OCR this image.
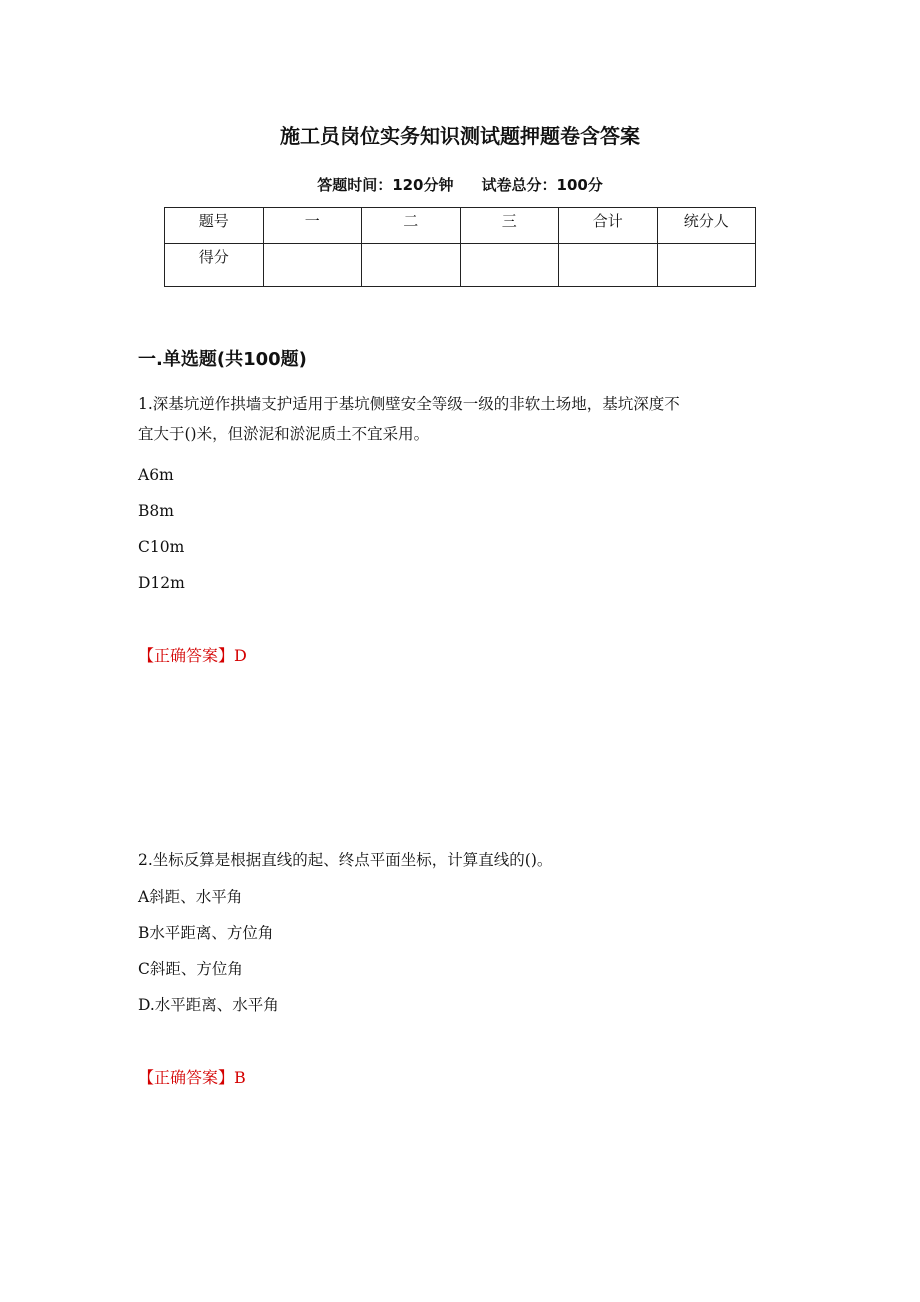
施工员岗位实务知识测试题押题卷含答案
答题时间：120分钟 试卷总分：100分
题号	一	二	三	合计	统分人
得分					
一.单选题(共100题)
1.深基坑逆作拱墙支护适用于基坑侧壁安全等级一级的非软土场地，基坑深度不
宜大于()米，但淤泥和淤泥质土不宜采用。
A6m
B8m
C10m
D12m
【正确答案】D
2.坐标反算是根据直线的起、终点平面坐标，计算直线的()。
A斜距、水平角
B水平距离、方位角
C斜距、方位角
D.水平距离、水平角
【正确答案】B
